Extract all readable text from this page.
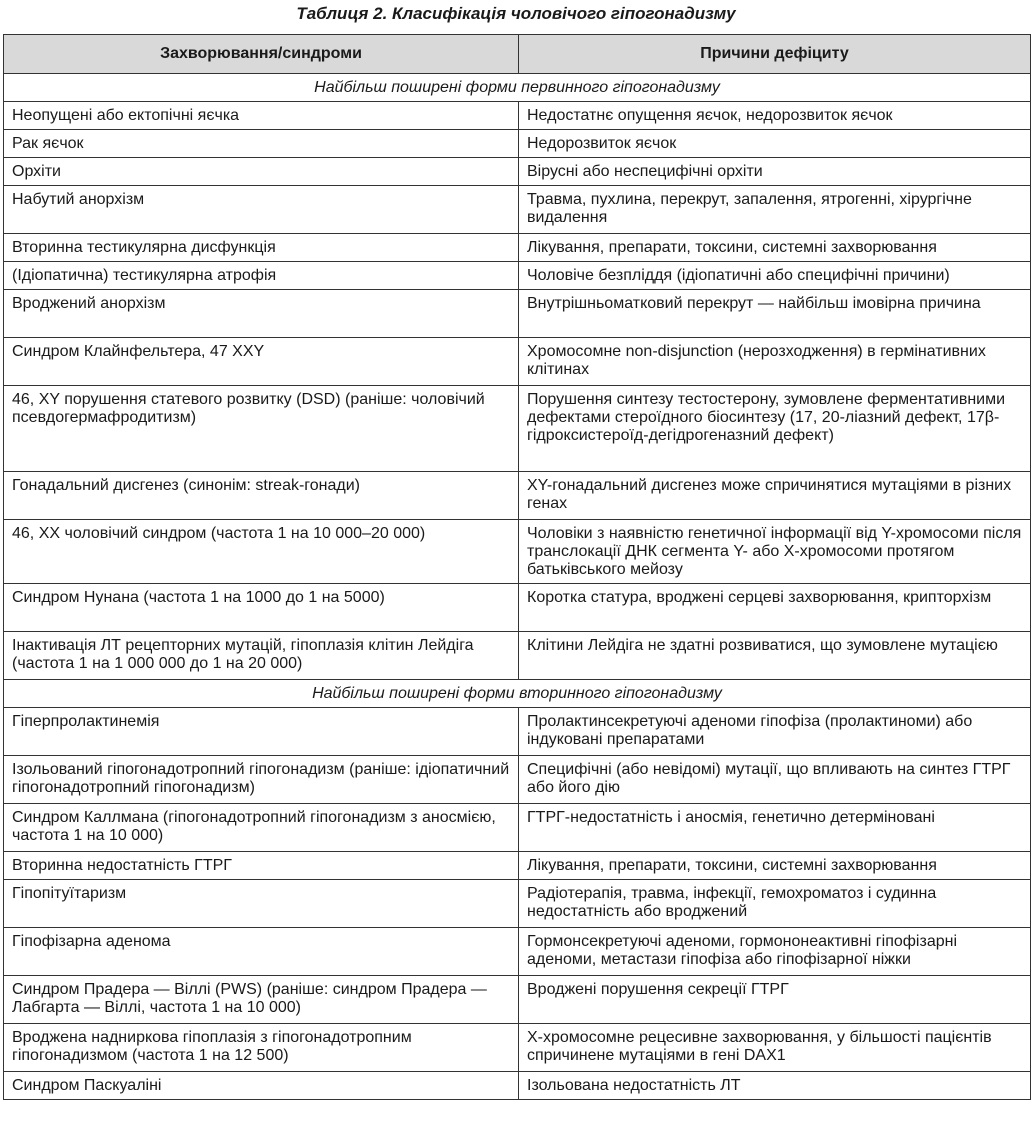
Таблиця 2. Класифікація чоловічого гіпогонадизму
Захворювання/синдроми	Причини дефіциту
Найбільш поширені форми первинного гіпогонадизму	
Неопущені або ектопічні яєчка	Недостатнє опущення яєчок, недорозвиток яєчок
Рак яєчок	Недорозвиток яєчок
Орхіти	Вірусні або неспецифічні орхіти
Набутий анорхізм	Травма, пухлина, перекрут, запалення, ятрогенні, хірургічне видалення
Вторинна тестикулярна дисфункція	Лікування, препарати, токсини, системні захворювання
(Ідіопатична) тестикулярна атрофія	Чоловіче безпліддя (ідіопатичні або специфічні причини)
Вроджений анорхізм	Внутрішньоматковий перекрут — найбільш імовірна причина
Синдром Клайнфельтера, 47 XXY	Хромосомне non-disjunction (нерозходження) в гермінативних клітинах
46, XY порушення статевого розвитку (DSD) (раніше: чоловічий псевдогермафродитизм)	Порушення синтезу тестостерону, зумовлене ферментативними дефектами стероїдного біосинтезу (17, 20-ліазний дефект, 17β-гідроксистероїд-дегідрогеназний дефект)
Гонадальний дисгенез (синонім: streak-гонади)	XY-гонадальний дисгенез може спричинятися мутаціями в різних генах
46, XX чоловічий синдром (частота 1 на 10 000–20 000)	Чоловіки з наявністю генетичної інформації від Y-хромосоми після транслокації ДНК сегмента Y- або Х-хромосоми протягом батьківського мейозу
Синдром Нунана (частота 1 на 1000 до 1 на 5000)	Коротка статура, вроджені серцеві захворювання, крипторхізм
Інактивація ЛТ рецепторних мутацій, гіпоплазія клітин Лейдіга (частота 1 на 1 000 000 до 1 на 20 000)	Клітини Лейдіга не здатні розвиватися, що зумовлене мутацією
Найбільш поширені форми вторинного гіпогонадизму	
Гіперпролактинемія	Пролактинсекретуючі аденоми гіпофіза (пролактиноми) або індуковані препаратами
Ізольований гіпогонадотропний гіпогонадизм (раніше: ідіопатичний гіпогонадотропний гіпогонадизм)	Специфічні (або невідомі) мутації, що впливають на синтез ГТРГ або його дію
Синдром Каллмана (гіпогонадотропний гіпогонадизм з аносмією, частота 1 на 10 000)	ГТРГ-недостатність і аносмія, генетично детерміновані
Вторинна недостатність ГТРГ	Лікування, препарати, токсини, системні захворювання
Гіпопітуїтаризм	Радіотерапія, травма, інфекції, гемохроматоз і судинна недостатність або вроджений
Гіпофізарна аденома	Гормонсекретуючі аденоми, гормононеактивні гіпофізарні аденоми, метастази гіпофіза або гіпофізарної ніжки
Синдром Прадера — Віллі (PWS) (раніше: синдром Прадера — Лабгарта — Віллі, частота 1 на 10 000)	Вроджені порушення секреції ГТРГ
Вроджена надниркова гіпоплазія з гіпогонадотропним гіпогонадизмом (частота 1 на 12 500)	Х-хромосомне рецесивне захворювання, у більшості пацієнтів спричинене мутаціями в гені DAX1
Синдром Паскуаліні	Ізольована недостатність ЛТ
